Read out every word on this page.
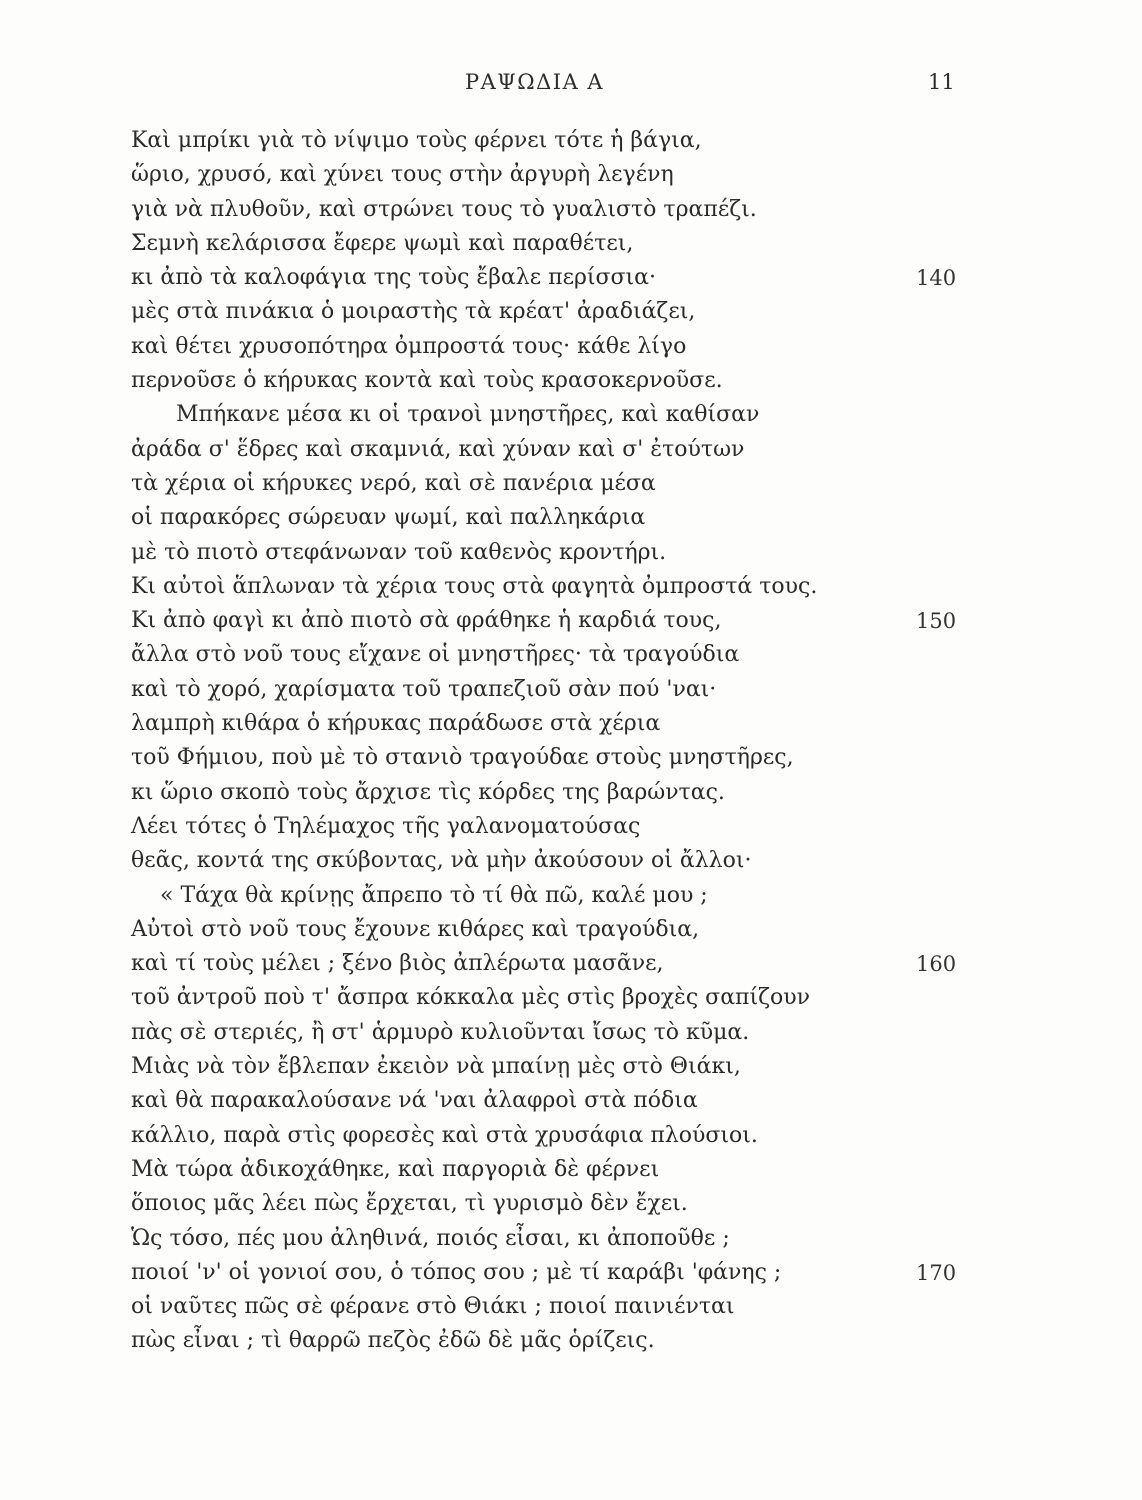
ΡΑΨΩΔΙΑ Α	11
Καὶ μπρίκι γιὰ τὸ νίψιμο τοὺς φέρνει τότε ἡ βάγια,
ὥριο, χρυσό, καὶ χύνει τους στὴν ἀργυρὴ λεγένη
γιὰ νὰ πλυθοῦν, καὶ στρώνει τους τὸ γυαλιστὸ τραπέζι.
Σεμνὴ κελάρισσα ἔφερε ψωμὶ καὶ παραθέτει,
κι ἀπὸ τὰ καλοφάγια της τοὺς ἔβαλε περίσσια·	140
μὲς στὰ πινάκια ὁ μοιραστὴς τὰ κρέατ' ἀραδιάζει,
καὶ θέτει χρυσοπότηρα ὀμπροστά τους· κάθε λίγο
περνοῦσε ὁ κήρυκας κοντὰ καὶ τοὺς κρασοκερνοῦσε.
Μπήκανε μέσα κι οἱ τρανοὶ μνηστῆρες, καὶ καθίσαν
ἀράδα σ' ἕδρες καὶ σκαμνιά, καὶ χύναν καὶ σ' ἐτούτων
τὰ χέρια οἱ κήρυκες νερό, καὶ σὲ πανέρια μέσα
οἱ παρακόρες σώρευαν ψωμί, καὶ παλληκάρια
μὲ τὸ πιοτὸ στεφάνωναν τοῦ καθενὸς κροντήρι.
Κι αὐτοὶ ἅπλωναν τὰ χέρια τους στὰ φαγητὰ ὀμπροστά τους.
Κι ἀπὸ φαγὶ κι ἀπὸ πιοτὸ σὰ φράθηκε ἡ καρδιά τους,	150
ἄλλα στὸ νοῦ τους εἴχανε οἱ μνηστῆρες· τὰ τραγούδια
καὶ τὸ χορό, χαρίσματα τοῦ τραπεζιοῦ σὰν πού 'ναι·
λαμπρὴ κιθάρα ὁ κήρυκας παράδωσε στὰ χέρια
τοῦ Φήμιου, ποὺ μὲ τὸ στανιὸ τραγούδαε στοὺς μνηστῆρες,
κι ὥριο σκοπὸ τοὺς ἄρχισε τὶς κόρδες της βαρώντας.
Λέει τότες ὁ Τηλέμαχος τῆς γαλανοματούσας
θεᾶς, κοντά της σκύβοντας, νὰ μὴν ἀκούσουν οἱ ἄλλοι·
« Τάχα θὰ κρίνῃς ἄπρεπο τὸ τί θὰ πῶ, καλέ μου ;
Αὐτοὶ στὸ νοῦ τους ἔχουνε κιθάρες καὶ τραγούδια,
καὶ τί τοὺς μέλει ; ξένο βιὸς ἀπλέρωτα μασᾶνε,	160
τοῦ ἀντροῦ ποὺ τ' ἄσπρα κόκκαλα μὲς στὶς βροχὲς σαπίζουν
πὰς σὲ στεριές, ἢ στ' ἁρμυρὸ κυλιοῦνται ἴσως τὸ κῦμα.
Μιὰς νὰ τὸν ἔβλεπαν ἐκειὸν νὰ μπαίνῃ μὲς στὸ Θιάκι,
καὶ θὰ παρακαλούσανε νά 'ναι ἀλαφροὶ στὰ πόδια
κάλλιο, παρὰ στὶς φορεσὲς καὶ στὰ χρυσάφια πλούσιοι.
Μὰ τώρα ἀδικοχάθηκε, καὶ παργοριὰ δὲ φέρνει
ὅποιος μᾶς λέει πὼς ἔρχεται, τὶ γυρισμὸ δὲν ἔχει.
Ὡς τόσο, πές μου ἀληθινά, ποιός εἶσαι, κι ἀποποῦθε ;
ποιοί 'ν' οἱ γονιοί σου, ὁ τόπος σου ; μὲ τί καράβι 'φάνης ;	170
οἱ ναῦτες πῶς σὲ φέρανε στὸ Θιάκι ; ποιοί παινιένται
πὼς εἶναι ; τὶ θαρρῶ πεζὸς ἐδῶ δὲ μᾶς ὁρίζεις.
